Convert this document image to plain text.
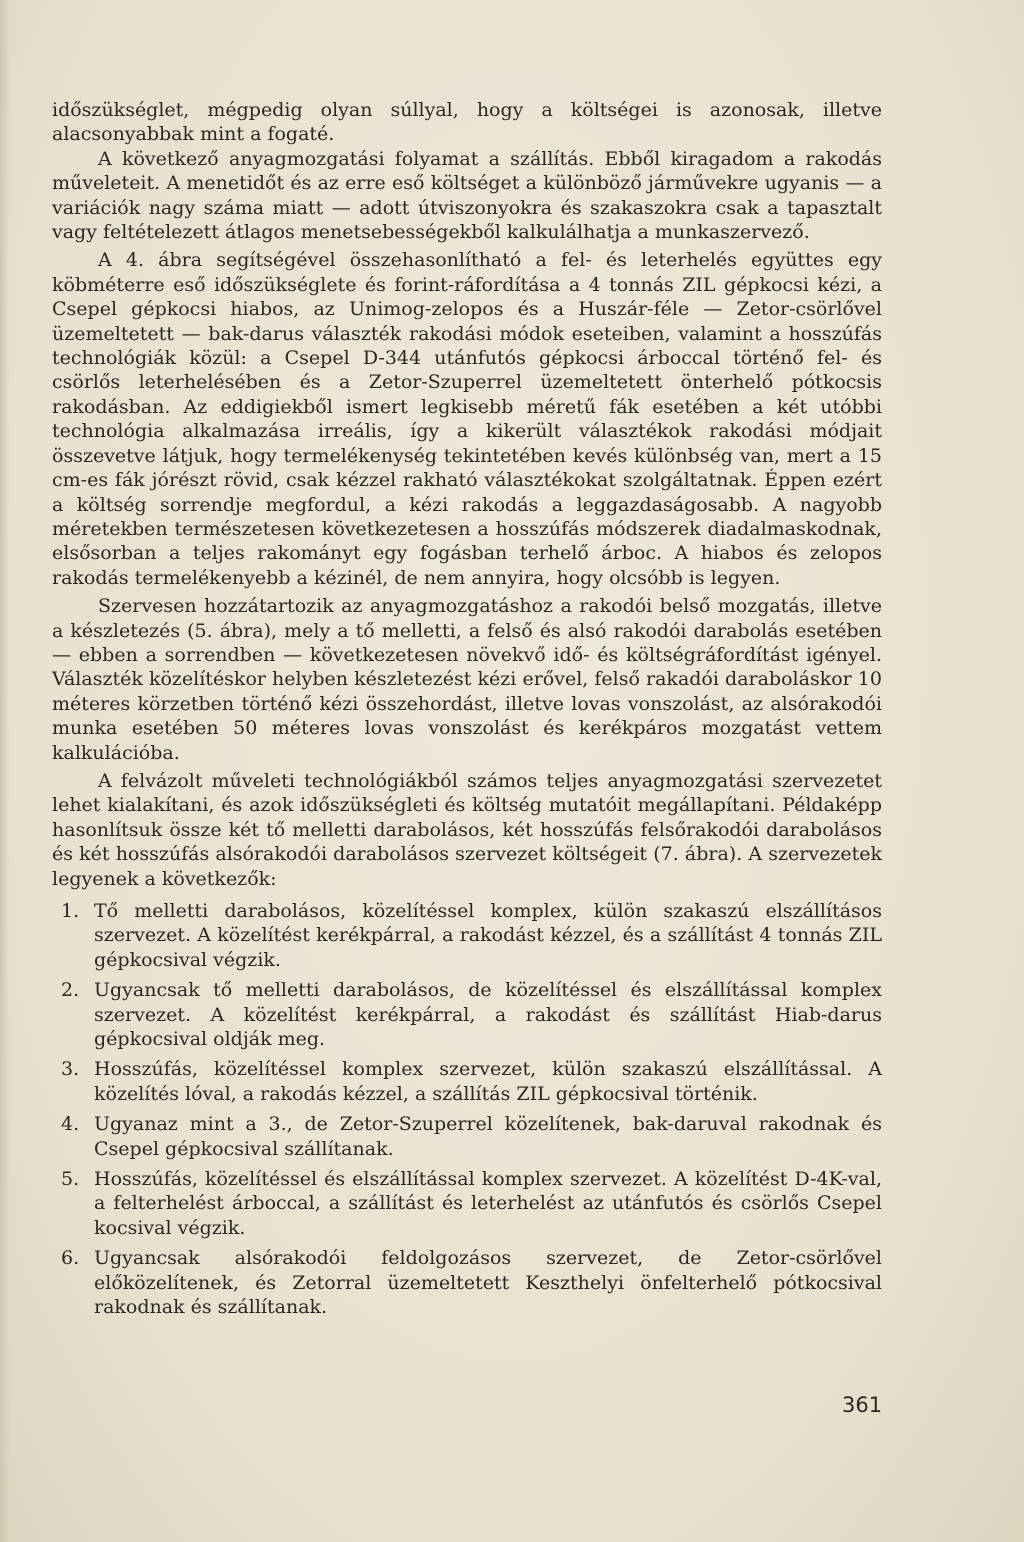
időszükséglet, mégpedig olyan súllyal, hogy a költségei is azonosak, illetve alacsonyabbak mint a fogaté.

A következő anyagmozgatási folyamat a szállítás. Ebből kiragadom a rakodás műveleteit. A menetidőt és az erre eső költséget a különböző járművekre ugyanis — a variációk nagy száma miatt — adott útviszonyokra és szakaszokra csak a tapasztalt vagy feltételezett átlagos menetsebességekből kalkulálhatja a munkaszervező.

A 4. ábra segítségével összehasonlítható a fel- és leterhelés együttes egy köbméterre eső időszükséglete és forint-ráfordítása a 4 tonnás ZIL gépkocsi kézi, a Csepel gépkocsi hiabos, az Unimog-zelopos és a Huszár-féle — Zetor-csörlővel üzemeltetett — bak-darus választék rakodási módok eseteiben, valamint a hosszúfás technológiák közül: a Csepel D-344 utánfutós gépkocsi árboccal történő fel- és csörlős leterhelésében és a Zetor-Szuperrel üzemeltetett önterhelő pótkocsis rakodásban. Az eddigiekből ismert legkisebb méretű fák esetében a két utóbbi technológia alkalmazása irreális, így a kikerült választékok rakodási módjait összevetve látjuk, hogy termelékenység tekintetében kevés különbség van, mert a 15 cm-es fák jórészt rövid, csak kézzel rakható választékokat szolgáltatnak. Éppen ezért a költség sorrendje megfordul, a kézi rakodás a leggazdaságosabb. A nagyobb méretekben természetesen következetesen a hosszúfás módszerek diadalmaskodnak, elsősorban a teljes rakományt egy fogásban terhelő árboc. A hiabos és zelopos rakodás termelékenyebb a kézinél, de nem annyira, hogy olcsóbb is legyen.

Szervesen hozzátartozik az anyagmozgatáshoz a rakodói belső mozgatás, illetve a készletezés (5. ábra), mely a tő melletti, a felső és alsó rakodói darabolás esetében — ebben a sorrendben — következetesen növekvő idő- és költségráfordítást igényel. Választék közelítéskor helyben készletezést kézi erővel, felső rakadói daraboláskor 10 méteres körzetben történő kézi összehordást, illetve lovas vonszolást, az alsórakodói munka esetében 50 méteres lovas vonszolást és kerékpáros mozgatást vettem kalkulációba.

A felvázolt műveleti technológiákból számos teljes anyagmozgatási szervezetet lehet kialakítani, és azok időszükségleti és költség mutatóit megállapítani. Példaképp hasonlítsuk össze két tő melletti darabolásos, két hosszúfás felsőrakodói darabolásos és két hosszúfás alsórakodói darabolásos szervezet költségeit (7. ábra). A szervezetek legyenek a következők:

1. Tő melletti darabolásos, közelítéssel komplex, külön szakaszú elszállításos szervezet. A közelítést kerékpárral, a rakodást kézzel, és a szállítást 4 tonnás ZIL gépkocsival végzik.
2. Ugyancsak tő melletti darabolásos, de közelítéssel és elszállítással komplex szervezet. A közelítést kerékpárral, a rakodást és szállítást Hiab-darus gépkocsival oldják meg.
3. Hosszúfás, közelítéssel komplex szervezet, külön szakaszú elszállítással. A közelítés lóval, a rakodás kézzel, a szállítás ZIL gépkocsival történik.
4. Ugyanaz mint a 3., de Zetor-Szuperrel közelítenek, bak-daruval rakodnak és Csepel gépkocsival szállítanak.
5. Hosszúfás, közelítéssel és elszállítással komplex szervezet. A közelítést D-4K-val, a felterhelést árboccal, a szállítást és leterhelést az utánfutós és csörlős Csepel kocsival végzik.
6. Ugyancsak alsórakodói feldolgozásos szervezet, de Zetor-csörlővel előközelítenek, és Zetorral üzemeltetett Keszthelyi önfelterhelő pótkocsival rakodnak és szállítanak.
361
